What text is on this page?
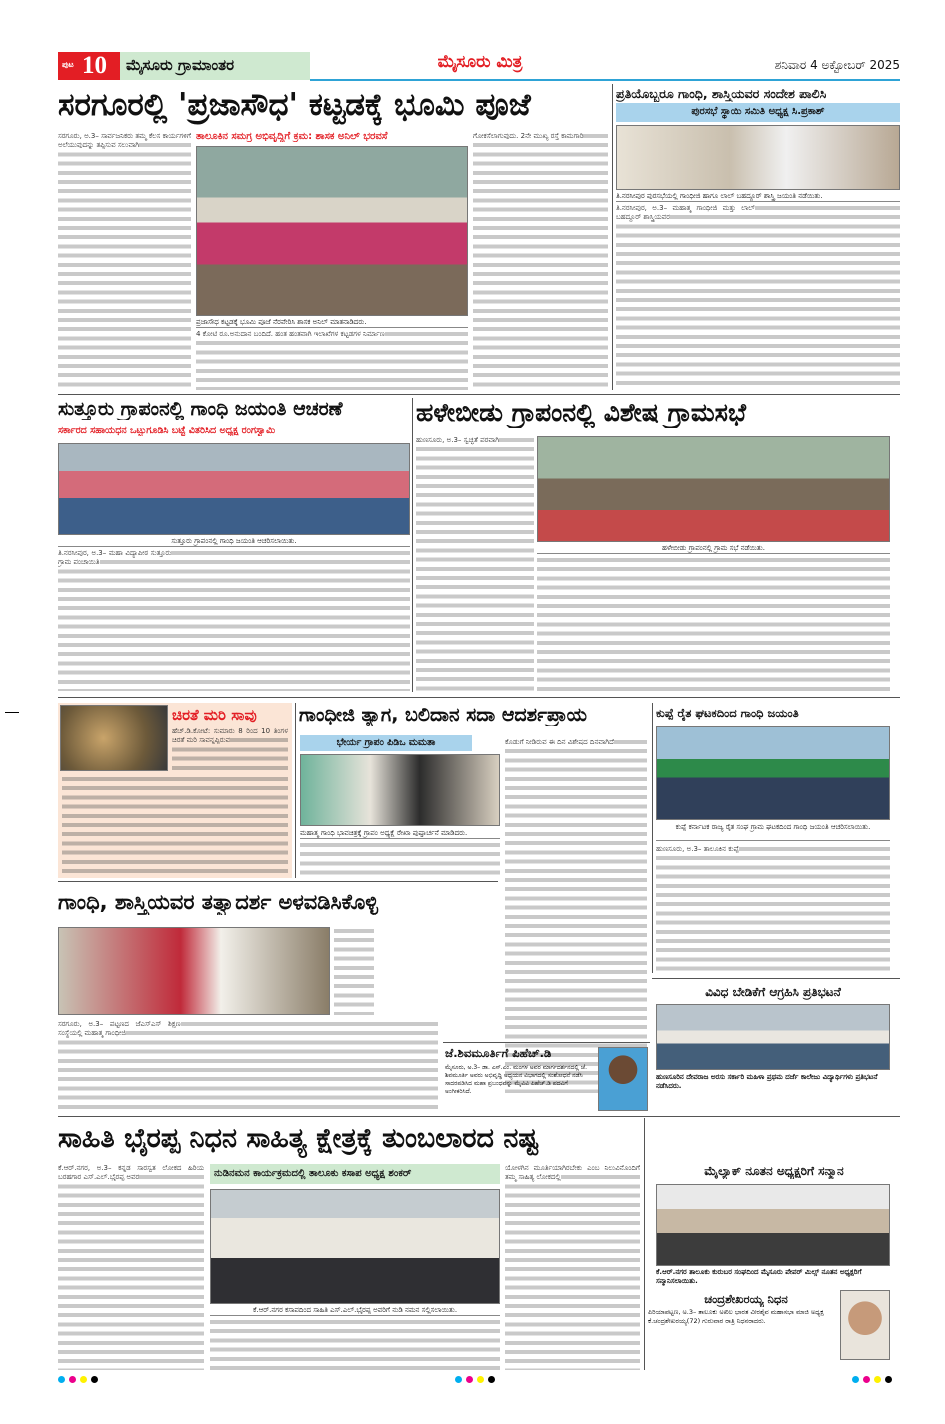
ಪುಟ 10	ಮೈಸೂರು ಗ್ರಾಮಾಂತರ	ಮೈಸೂರು ಮಿತ್ರ	ಶನಿವಾರ 4 ಅಕ್ಟೋಬರ್ 2025
ಸರಗೂರಲ್ಲಿ 'ಪ್ರಜಾಸೌಧ' ಕಟ್ಟಡಕ್ಕೆ ಭೂಮಿ ಪೂಜೆ
ಸರಗೂರು, ಅ.3– ಸಾರ್ವಜನಿಕರು ತಮ್ಮ ಕೆಲಸ ಕಾರ್ಯಗಳಿಗೆ ಅಲೆಯುವುದನ್ನು ತಪ್ಪಿಸುವ ಸಲುವಾಗಿ
ತಾಲೂಕಿನ ಸಮಗ್ರ ಅಭಿವೃದ್ಧಿಗೆ ಕ್ರಮ: ಶಾಸಕ ಅನಿಲ್ ಭರವಸೆ
ಪ್ರಜಾಸೌಧ ಕಟ್ಟಡಕ್ಕೆ ಭೂಮಿ ಪೂಜೆ ನೆರವೇರಿಸಿ ಶಾಸಕ ಅನಿಲ್ ಮಾತನಾಡಿದರು.
4 ಕೋಟಿ ರೂ.ಅನುದಾನ ಬಂದಿದೆ. ಹಂತ ಹಂತವಾಗಿ ಇಲಾಖೆಗಳ ಕಟ್ಟಡಗಳ ನಿರ್ಮಾಣ
ಗೋಕಸೆಲಾಗುವುದು. 2ನೇ ಮುಖ್ಯ ರಸ್ತೆ ಕಾಮಗಾರಿ
ಪ್ರತಿಯೊಬ್ಬರೂ ಗಾಂಧಿ, ಶಾಸ್ತ್ರಿಯವರ ಸಂದೇಶ ಪಾಲಿಸಿ
ಪುರಸಭೆ ಸ್ಥಾಯಿ ಸಮಿತಿ ಅಧ್ಯಕ್ಷ ಸಿ.ಪ್ರಕಾಶ್
ತಿ.ನರಸೀಪುರ ಪುರಸಭೆಯಲ್ಲಿ ಗಾಂಧೀಜಿ ಹಾಗೂ ಲಾಲ್ ಬಹದ್ದೂರ್ ಶಾಸ್ತ್ರಿ ಜಯಂತಿ ನಡೆಯಿತು.
ತಿ.ನರಸೀಪುರ, ಅ.3– ಮಹಾತ್ಮ ಗಾಂಧೀಜಿ ಮತ್ತು ಲಾಲ್ ಬಹದ್ದೂರ್ ಶಾಸ್ತ್ರಿಯವರ
ಸುತ್ತೂರು ಗ್ರಾಪಂನಲ್ಲಿ ಗಾಂಧಿ ಜಯಂತಿ ಆಚರಣೆ
ಸರ್ಕಾರದ ಸಹಾಯಧನ ಒಟ್ಟುಗೂಡಿಸಿ ಬಟ್ಟೆ ವಿತರಿಸಿದ ಅಧ್ಯಕ್ಷ ರಂಗಸ್ವಾಮಿ
ಸುತ್ತೂರು ಗ್ರಾಪಂನಲ್ಲಿ ಗಾಂಧಿ ಜಯಂತಿ ಆಚರಿಸಲಾಯಿತು.
ತಿ.ನರಸೀಪುರ, ಅ.3– ಮಹಾ ವಿದ್ಯಾಪೀಠ ಸುತ್ತೂರು ಗ್ರಾಮ ಪಂಚಾಯಿತಿ
ಹಳೇಬೀಡು ಗ್ರಾಪಂನಲ್ಲಿ ವಿಶೇಷ ಗ್ರಾಮಸಭೆ
ಹುಣಸೂರು, ಅ.3– ಸ್ವಚ್ಛತೆ ಪರವಾಗಿ
ಹಳೇಬೀಡು ಗ್ರಾಪಂನಲ್ಲಿ ಗ್ರಾಮ ಸಭೆ ನಡೆಯಿತು.
ಚಿರತೆ ಮರಿ ಸಾವು
ಹೆಚ್.ಡಿ.ಕೋಟೆ: ಸುಮಾರು 8 ರಿಂದ 10 ತಿಂಗಳ ಚಿರತೆ ಮರಿ ಸಾವನ್ನಪ್ಪಿರುವ
ಗಾಂಧೀಜಿ ತ್ಯಾಗ, ಬಲಿದಾನ ಸದಾ ಆದರ್ಶಪ್ರಾಯ
ಭೇರ್ಯ ಗ್ರಾಪಂ ಪಿಡಿಒ ಮಮತಾ
ಮಹಾತ್ಮ ಗಾಂಧಿ ಭಾವಚಿತ್ರಕ್ಕೆ ಗ್ರಾಪಂ ಅಧ್ಯಕ್ಷೆ ರೇಖಾ ಪುಷ್ಪಾರ್ಚನೆ ಮಾಡಿದರು.
ಕೊಡುಗೆ ನೀಡಿರುವ ಈ ದಿನ ವಿಶೇಷದ ದಿನವಾಗಿದೆ
ಕುಪ್ಪೆ ರೈತ ಘಟಕದಿಂದ ಗಾಂಧಿ ಜಯಂತಿ
ಕುಪ್ಪೆ ಕರ್ನಾಟಕ ರಾಜ್ಯ ರೈತ ಸಂಘ ಗ್ರಾಮ ಘಟಕದಿಂದ ಗಾಂಧಿ ಜಯಂತಿ ಆಚರಿಸಲಾಯಿತು.
ಹುಣಸೂರು, ಅ.3– ತಾಲೂಕಿನ ಕುಪ್ಪೆ
ಗಾಂಧಿ, ಶಾಸ್ತ್ರಿಯವರ ತತ್ವಾದರ್ಶ ಅಳವಡಿಸಿಕೊಳ್ಳಿ
ಸರಗೂರು, ಅ.3– ಪಟ್ಟಣದ ಜೆಎಸ್ಎಸ್ ಶಿಕ್ಷಣ ಸಂಸ್ಥೆಯಲ್ಲಿ ಮಹಾತ್ಮ ಗಾಂಧೀಜಿ
ಜೆ.ಶಿವಮೂರ್ತಿಗೆ ಪಿಹೆಚ್.ಡಿ
ಮೈಸೂರು, ಅ.3– ಡಾ. ಎಸ್.ಎಂ. ಮಂಗಳ ಅವರ ಮಾರ್ಗದರ್ಶನದಲ್ಲಿ ಜೆ. ಶಿವಮೂರ್ತಿ ಅವರು ಅಭಿವೃದ್ಧಿ ಅಧ್ಯಯನ ವಿಭಾಗದಲ್ಲಿ ಸಂಶೋಧನೆ ನಡೆಸಿ ಸಾದರಪಡಿಸಿದ ಮಹಾ ಪ್ರಬಂಧವನ್ನು ಮೈವಿವಿ ಪಿಹೆಚ್.ಡಿ ಪದವಿಗೆ ಅಂಗೀಕರಿಸಿದೆ.
ವಿವಿಧ ಬೇಡಿಕೆಗೆ ಆಗ್ರಹಿಸಿ ಪ್ರತಿಭಟನೆ
ಹುಣಸೂರಿನ ದೇವರಾಜ ಅರಸು ಸರ್ಕಾರಿ ಮಹಿಳಾ ಪ್ರಥಮ ದರ್ಜೆ ಕಾಲೇಜು ವಿದ್ಯಾರ್ಥಿಗಳು ಪ್ರತಿಭಟನೆ ನಡೆಸಿದರು.
ಸಾಹಿತಿ ಭೈರಪ್ಪ ನಿಧನ ಸಾಹಿತ್ಯ ಕ್ಷೇತ್ರಕ್ಕೆ ತುಂಬಲಾರದ ನಷ್ಟ
ಕೆ.ಆರ್.ನಗರ, ಅ.3– ಕನ್ನಡ ಸಾರಸ್ವತ ಲೋಕದ ಹಿರಿಯ ಬರಹಗಾರ ಎಸ್.ಎಲ್.ಭೈರಪ್ಪ ಅವರ	ನುಡಿನಮನ ಕಾರ್ಯಕ್ರಮದಲ್ಲಿ ತಾಲೂಕು ಕಸಾಪ ಅಧ್ಯಕ್ಷ ಶಂಕರ್
ಕೆ.ಆರ್.ನಗರ ಕಸಾಪದಿಂದ ಸಾಹಿತಿ ಎಸ್.ಎಲ್.ಭೈರಪ್ಪ ಅವರಿಗೆ ನುಡಿ ನಮನ ಸಲ್ಲಿಸಲಾಯಿತು.
ಯೋಳಗಿನ ಮೂರ್ತಿಯಾಗಿರಬೇಕು ಎಂಬ ನಿಲುವಿನೊಂದಿಗೆ ತಮ್ಮ ಸಾಹಿತ್ಯ ಲೋಕದಲ್ಲಿ	ಮೈಲ್ಯಾಕ್ ನೂತನ ಅಧ್ಯಕ್ಷರಿಗೆ ಸನ್ಮಾನ
ಕೆ.ಆರ್.ನಗರ ತಾಲೂಕು ಕುರುಬರ ಸಂಘದಿಂದ ಮೈಸೂರು ಪೇಪರ್ ಮಿಲ್ಸ್ ನೂತನ ಅಧ್ಯಕ್ಷರಿಗೆ ಸನ್ಮಾನಿಸಲಾಯಿತು.
ಚಂದ್ರಶೇಖರಯ್ಯ ನಿಧನ
ಪಿರಿಯಾಪಟ್ಟಣ, ಅ.3– ತಾಲೂಕು ಅಖಿಲ ಭಾರತ ವೀರಶೈವ ಮಹಾಸಭಾ ಮಾಜಿ ಅಧ್ಯಕ್ಷ ಕೆ.ಚಂದ್ರಶೇಖರಯ್ಯ(72) ಗುರುವಾರ ರಾತ್ರಿ ನಿಧನರಾದರು.
